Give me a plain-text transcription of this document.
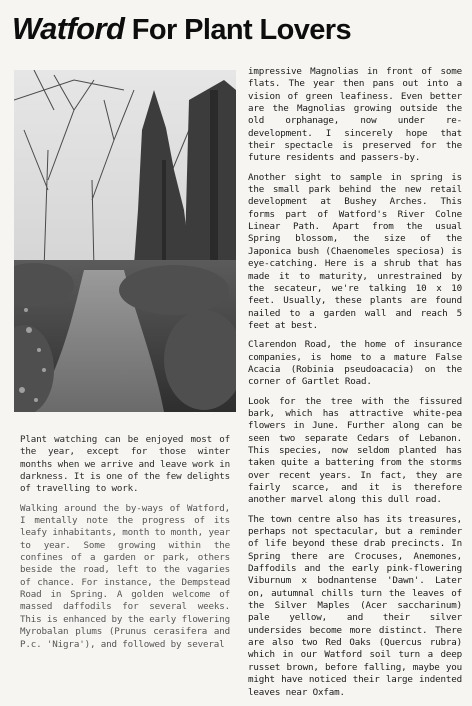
Watford For Plant Lovers

Plant watching can be enjoyed most of the year, except for those winter months when we arrive and leave work in darkness. It is one of the few delights of travelling to work.

Walking around the by-ways of Watford, I mentally note the progress of its leafy inhabitants, month to month, year to year. Some growing within the confines of a garden or park, others beside the road, left to the vagaries of chance. For instance, the Dempstead Road in Spring. A golden welcome of massed daffodils for several weeks. This is enhanced by the early flowering Myrobalan plums (Prunus cerasifera and P.c. 'Nigra'), and followed by several

impressive Magnolias in front of some flats. The year then pans out into a vision of green leafiness. Even better are the Magnolias growing outside the old orphanage, now under re-development. I sincerely hope that their spectacle is preserved for the future residents and passers-by.

Another sight to sample in spring is the small park behind the new retail development at Bushey Arches. This forms part of Watford's River Colne Linear Path. Apart from the usual Spring blossom, the size of the Japonica bush (Chaenomeles speciosa) is eye-catching. Here is a shrub that has made it to maturity, unrestrained by the secateur, we're talking 10 x 10 feet. Usually, these plants are found nailed to a garden wall and reach 5 feet at best.

Clarendon Road, the home of insurance companies, is home to a mature False Acacia (Robinia pseudoacacia) on the corner of Gartlet Road.

Look for the tree with the fissured bark, which has attractive white-pea flowers in June. Further along can be seen two separate Cedars of Lebanon. This species, now seldom planted has taken quite a battering from the storms over recent years. In fact, they are fairly scarce, and it is therefore another marvel along this dull road.

The town centre also has its treasures, perhaps not spectacular, but a reminder of life beyond these drab precincts. In Spring there are Crocuses, Anemones, Daffodils and the early pink-flowering Viburnum x bodnantense 'Dawn'. Later on, autumnal chills turn the leaves of the Silver Maples (Acer saccharinum) pale yellow, and their silver undersides become more distinct. There are also two Red Oaks (Quercus rubra) which in our Watford soil turn a deep russet brown, before falling, maybe you might have noticed their large indented leaves near Oxfam.
